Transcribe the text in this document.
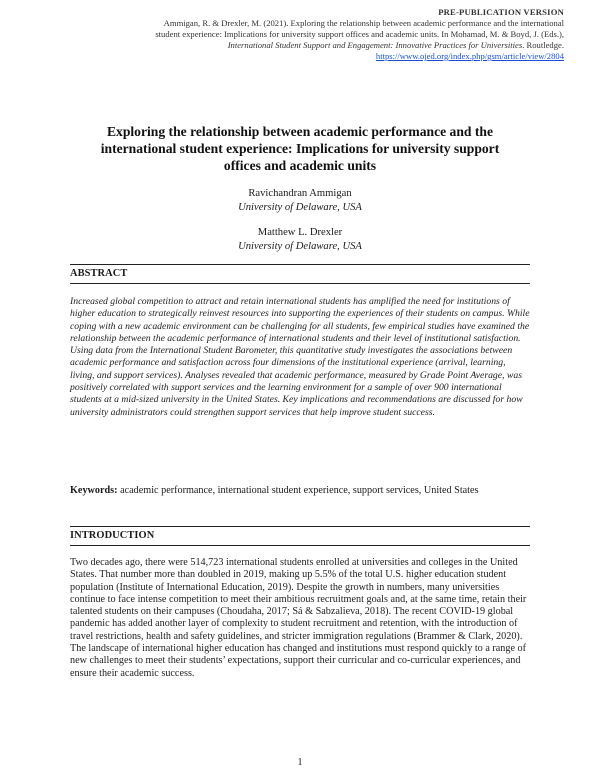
PRE-PUBLICATION VERSION
Ammigan, R. & Drexler, M. (2021). Exploring the relationship between academic performance and the international
student experience: Implications for university support offices and academic units. In Mohamad, M. & Boyd, J. (Eds.),
International Student Support and Engagement: Innovative Practices for Universities. Routledge.
https://www.ojed.org/index.php/gsm/article/view/2804
Exploring the relationship between academic performance and the
international student experience: Implications for university support
offices and academic units
Ravichandran Ammigan
University of Delaware, USA
Matthew L. Drexler
University of Delaware, USA
ABSTRACT
Increased global competition to attract and retain international students has amplified the need for institutions of higher education to strategically reinvest resources into supporting the experiences of their students on campus. While coping with a new academic environment can be challenging for all students, few empirical studies have examined the relationship between the academic performance of international students and their level of institutional satisfaction. Using data from the International Student Barometer, this quantitative study investigates the associations between academic performance and satisfaction across four dimensions of the institutional experience (arrival, learning, living, and support services). Analyses revealed that academic performance, measured by Grade Point Average, was positively correlated with support services and the learning environment for a sample of over 900 international students at a mid-sized university in the United States. Key implications and recommendations are discussed for how university administrators could strengthen support services that help improve student success.
Keywords: academic performance, international student experience, support services, United States
INTRODUCTION
Two decades ago, there were 514,723 international students enrolled at universities and colleges in the United States. That number more than doubled in 2019, making up 5.5% of the total U.S. higher education student population (Institute of International Education, 2019). Despite the growth in numbers, many universities continue to face intense competition to meet their ambitious recruitment goals and, at the same time, retain their talented students on their campuses (Choudaha, 2017; Sá & Sabzalieva, 2018). The recent COVID-19 global pandemic has added another layer of complexity to student recruitment and retention, with the introduction of travel restrictions, health and safety guidelines, and stricter immigration regulations (Brammer & Clark, 2020). The landscape of international higher education has changed and institutions must respond quickly to a range of new challenges to meet their students’ expectations, support their curricular and co-curricular experiences, and ensure their academic success.
1
